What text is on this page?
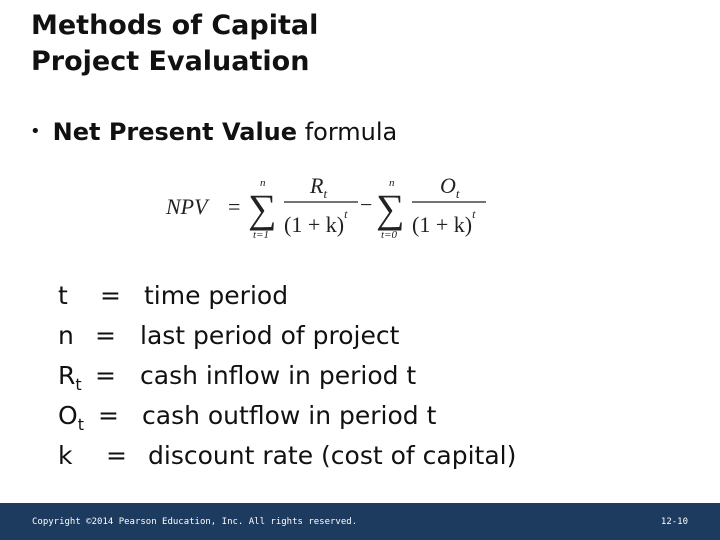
Methods of Capital
Project Evaluation
• Net Present Value formula
NPV =
n
∑
t=1
$R_t$
$(1 + k)^t$ −
n
∑
t=0
$O_t$
$(1 + k)^t$
t = time period
n = last period of project
$R_t$ = cash inflow in period t
$O_t$ = cash outflow in period t
k = discount rate (cost of capital)
Copyright ©2014 Pearson Education, Inc. All rights reserved.	12-10
